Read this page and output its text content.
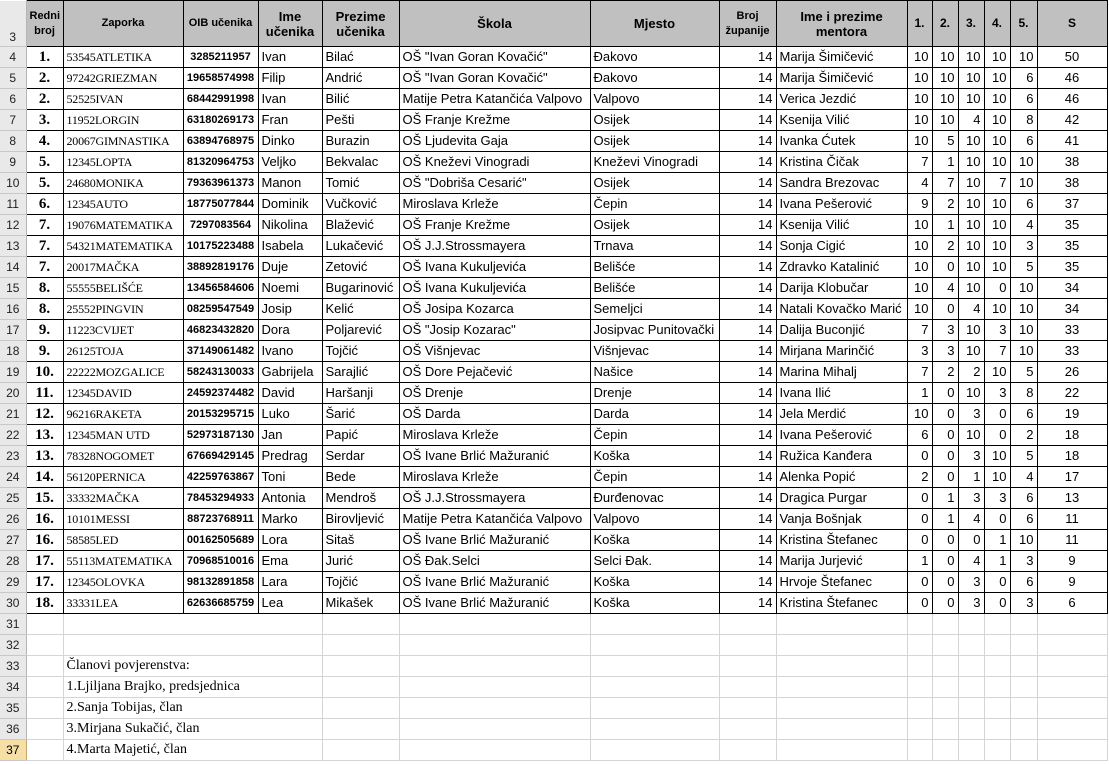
3	Redni broj	Zaporka	OIB učenika	Ime učenika	Prezime učenika	Škola	Mjesto	Broj županije	Ime i prezime mentora	1.	2.	3.	4.	5.	S
4	1.	53545ATLETIKA	3285211957	Ivan	Bilać	OŠ "Ivan Goran Kovačić"	Đakovo	14	Marija Šimičević	10	10	10	10	10	50
5	2.	97242GRIEZMAN	19658574998	Filip	Andrić	OŠ "Ivan Goran Kovačić"	Đakovo	14	Marija Šimičević	10	10	10	10	6	46
6	2.	52525IVAN	68442991998	Ivan	Bilić	Matije Petra Katančića Valpovo	Valpovo	14	Verica Jezdić	10	10	10	10	6	46
7	3.	11952LORGIN	63180269173	Fran	Pešti	OŠ Franje Krežme	Osijek	14	Ksenija Vilić	10	10	4	10	8	42
8	4.	20067GIMNASTIKA	63894768975	Dinko	Burazin	OŠ Ljudevita Gaja	Osijek	14	Ivanka Ćutek	10	5	10	10	6	41
9	5.	12345LOPTA	81320964753	Veljko	Bekvalac	OŠ Kneževi Vinogradi	Kneževi Vinogradi	14	Kristina Čičak	7	1	10	10	10	38
10	5.	24680MONIKA	79363961373	Manon	Tomić	OŠ "Dobriša Cesarić"	Osijek	14	Sandra Brezovac	4	7	10	7	10	38
11	6.	12345AUTO	18775077844	Dominik	Vučković	Miroslava Krleže	Čepin	14	Ivana Pešerović	9	2	10	10	6	37
12	7.	19076MATEMATIKA	7297083564	Nikolina	Blažević	OŠ Franje Krežme	Osijek	14	Ksenija Vilić	10	1	10	10	4	35
13	7.	54321MATEMATIKA	10175223488	Isabela	Lukačević	OŠ J.J.Strossmayera	Trnava	14	Sonja Cigić	10	2	10	10	3	35
14	7.	20017MAČKA	38892819176	Duje	Zetović	OŠ Ivana Kukuljevića	Belišće	14	Zdravko Katalinić	10	0	10	10	5	35
15	8.	55555BELIŠĆE	13456584606	Noemi	Bugarinović	OŠ Ivana Kukuljevića	Belišće	14	Darija Klobučar	10	4	10	0	10	34
16	8.	25552PINGVIN	08259547549	Josip	Kelić	OŠ Josipa Kozarca	Semeljci	14	Natali Kovačko Marić	10	0	4	10	10	34
17	9.	11223CVIJET	46823432820	Dora	Poljarević	OŠ "Josip Kozarac"	Josipvac Punitovački	14	Dalija Buconjić	7	3	10	3	10	33
18	9.	26125TOJA	37149061482	Ivano	Tojčić	OŠ Višnjevac	Višnjevac	14	Mirjana Marinčić	3	3	10	7	10	33
19	10.	22222MOZGALICE	58243130033	Gabrijela	Sarajlić	OŠ Dore Pejačević	Našice	14	Marina Mihalj	7	2	2	10	5	26
20	11.	12345DAVID	24592374482	David	Haršanji	OŠ Drenje	Drenje	14	Ivana Ilić	1	0	10	3	8	22
21	12.	96216RAKETA	20153295715	Luko	Šarić	OŠ Darda	Darda	14	Jela Merdić	10	0	3	0	6	19
22	13.	12345MAN UTD	52973187130	Jan	Papić	Miroslava Krleže	Čepin	14	Ivana Pešerović	6	0	10	0	2	18
23	13.	78328NOGOMET	67669429145	Predrag	Serdar	OŠ Ivane Brlić Mažuranić	Koška	14	Ružica Kanđera	0	0	3	10	5	18
24	14.	56120PERNICA	42259763867	Toni	Bede	Miroslava Krleže	Čepin	14	Alenka Popić	2	0	1	10	4	17
25	15.	33332MAČKA	78453294933	Antonia	Mendroš	OŠ J.J.Strossmayera	Đurđenovac	14	Dragica Purgar	0	1	3	3	6	13
26	16.	10101MESSI	88723768911	Marko	Birovljević	Matije Petra Katančića Valpovo	Valpovo	14	Vanja Bošnjak	0	1	4	0	6	11
27	16.	58585LED	00162505689	Lora	Sitaš	OŠ Ivane Brlić Mažuranić	Koška	14	Kristina Štefanec	0	0	0	1	10	11
28	17.	55113MATEMATIKA	70968510016	Ema	Jurić	OŠ Đak.Selci	Selci Đak.	14	Marija Jurjević	1	0	4	1	3	9
29	17.	12345OLOVKA	98132891858	Lara	Tojčić	OŠ Ivane Brlić Mažuranić	Koška	14	Hrvoje Štefanec	0	0	3	0	6	9
30	18.	33331LEA	62636685759	Lea	Mikašek	OŠ Ivane Brlić Mažuranić	Koška	14	Kristina Štefanec	0	0	3	0	3	6
31															
32															
33		Članovi povjerenstva:													
34		1.Ljiljana Brajko, predsjednica													
35		2.Sanja Tobijas, član													
36		3.Mirjana Sukačić, član													
37		4.Marta Majetić, član													
